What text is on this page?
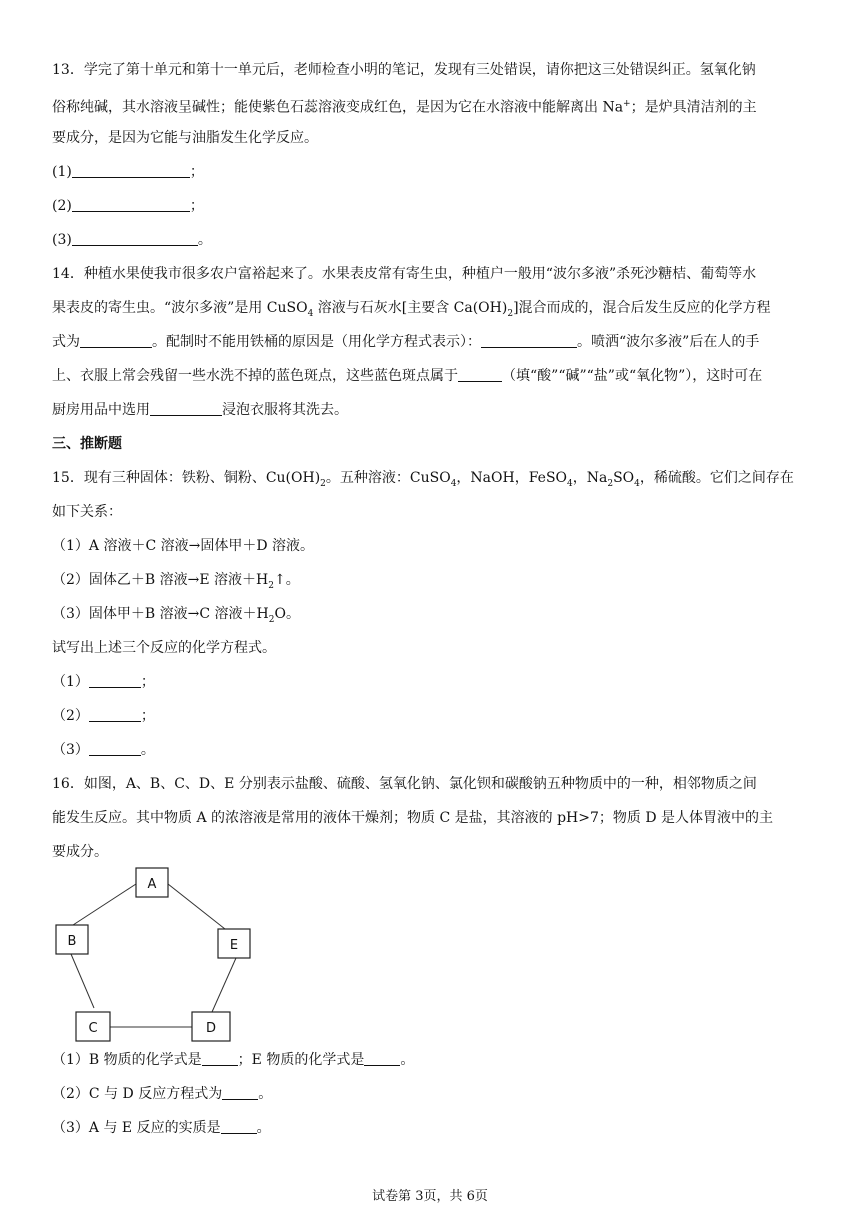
13．学完了第十单元和第十一单元后，老师检查小明的笔记，发现有三处错误，请你把这三处错误纠正。氢氧化钠
俗称纯碱，其水溶液呈碱性；能使紫色石蕊溶液变成红色，是因为它在水溶液中能解离出 Na+；是炉具清洁剂的主
要成分，是因为它能与油脂发生化学反应。
(1)	；
(2)	；
(3)	。
14．种植水果使我市很多农户富裕起来了。水果表皮常有寄生虫，种植户一般用“波尔多液”杀死沙糖桔、葡萄等水
果表皮的寄生虫。“波尔多液”是用 CuSO$_4$ 溶液与石灰水[主要含 $Ca(OH)_2$]混合而成的，混合后发生反应的化学方程
式为	。配制时不能用铁桶的原因是（用化学方程式表示）：	。喷洒“波尔多液”后在人的手
上、衣服上常会残留一些水洗不掉的蓝色斑点，这些蓝色斑点属于	（填“酸”“碱”“盐”或“氧化物”），这时可在
厨房用品中选用	浸泡衣服将其洗去。
三、推断题
15．现有三种固体：铁粉、铜粉、$Cu(OH)_2$。五种溶液：CuSO$_4$，NaOH，FeSO$_4$，$Na_2SO_4$，稀硫酸。它们之间存在
如下关系：
（1）A 溶液＋C 溶液→固体甲＋D 溶液。
（2）固体乙＋B 溶液→E 溶液$+H_2↑$。
（3）固体甲＋B 溶液→C 溶液$+H_2O$。
试写出上述三个反应的化学方程式。
（1）	；
（2）	；
（3）	。
16．如图，A、B、C、D、E 分别表示盐酸、硫酸、氢氧化钠、氯化钡和碳酸钠五种物质中的一种，相邻物质之间
能发生反应。其中物质 A 的浓溶液是常用的液体干燥剂；物质 C 是盐，其溶液的 pH>7；物质 D 是人体胃液中的主
要成分。
A
B	E
C	D
（1）B 物质的化学式是	；E 物质的化学式是	。
（2）C 与 D 反应方程式为	。
（3）A 与 E 反应的实质是	。
试卷第 3页，共 6页
